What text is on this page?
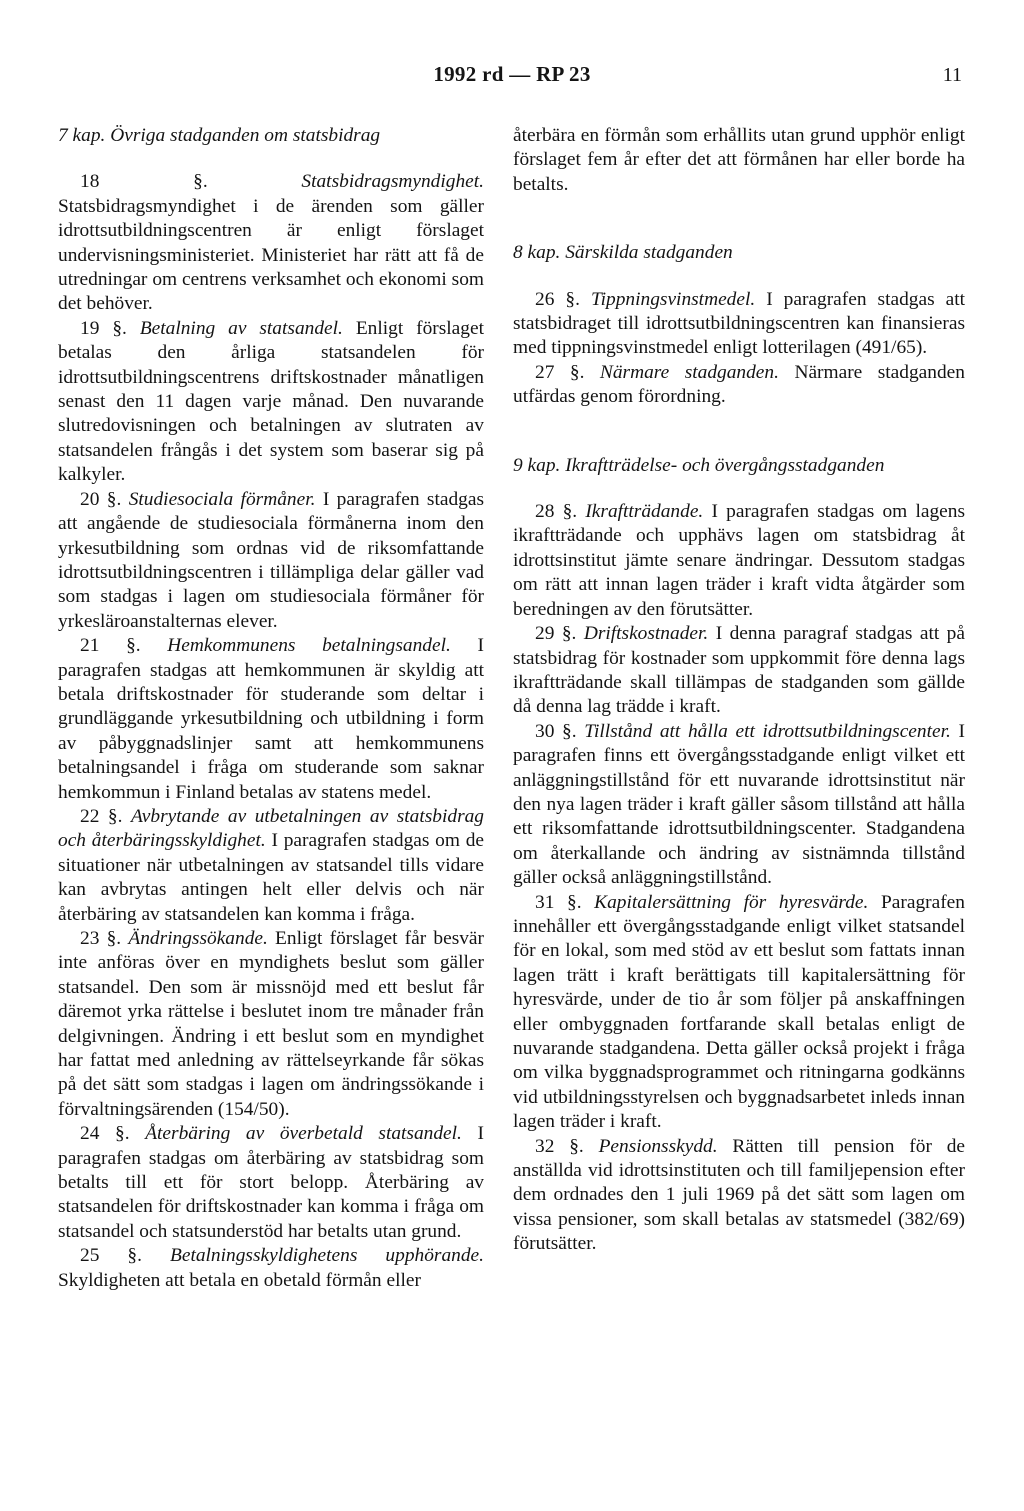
1992 rd — RP 23	11

7 kap. Övriga stadganden om statsbidrag

18 §.	Statsbidragsmyndighet. Statsbidragsmyndighet i de ärenden som gäller idrottsutbildningscentren är enligt förslaget undervisningsministeriet. Ministeriet har rätt att få de utredningar om centrens verksamhet och ekonomi som det behöver.

19 §. Betalning av statsandel. Enligt förslaget betalas den årliga statsandelen för idrottsutbildningscentrens driftskostnader månatligen senast den 11 dagen varje månad. Den nuvarande slutredovisningen och betalningen av slutraten av statsandelen frångås i det system som baserar sig på kalkyler.

20 §. Studiesociala förmåner. I paragrafen stadgas att angående de studiesociala förmånerna inom den yrkesutbildning som ordnas vid de riksomfattande idrottsutbildningscentren i tillämpliga delar gäller vad som stadgas i lagen om studiesociala förmåner för yrkesläroanstalternas elever.

21 §. Hemkommunens betalningsandel. I paragrafen stadgas att hemkommunen är skyldig att betala driftskostnader för studerande som deltar i grundläggande yrkesutbildning och utbildning i form av påbyggnadslinjer samt att hemkommunens betalningsandel i fråga om studerande som saknar hemkommun i Finland betalas av statens medel.

22 §. Avbrytande av utbetalningen av statsbidrag och återbäringsskyldighet. I paragrafen stadgas om de situationer när utbetalningen av statsandel tills vidare kan avbrytas antingen helt eller delvis och när återbäring av statsandelen kan komma i fråga.

23 §. Ändringssökande. Enligt förslaget får besvär inte anföras över en myndighets beslut som gäller statsandel. Den som är missnöjd med ett beslut får däremot yrka rättelse i beslutet inom tre månader från delgivningen. Ändring i ett beslut som en myndighet har fattat med anledning av rättelseyrkande får sökas på det sätt som stadgas i lagen om ändringssökande i förvaltningsärenden (154/50).

24 §. Återbäring av överbetald statsandel. I paragrafen stadgas om återbäring av statsbidrag som betalts till ett för stort belopp. Återbäring av statsandelen för driftskostnader kan komma i fråga om statsandel och statsunderstöd har betalts utan grund.

25 §. Betalningsskyldighetens upphörande. Skyldigheten att betala en obetald förmån eller

återbära en förmån som erhållits utan grund upphör enligt förslaget fem år efter det att förmånen har eller borde ha betalts.

8 kap. Särskilda stadganden

26 §. Tippningsvinstmedel. I paragrafen stadgas att statsbidraget till idrottsutbildningscentren kan finansieras med tippningsvinstmedel enligt lotterilagen (491/65).

27 §. Närmare stadganden. Närmare stadganden utfärdas genom förordning.

9 kap. Ikraftträdelse- och övergångsstadganden

28 §. Ikraftträdande. I paragrafen stadgas om lagens ikraftträdande och upphävs lagen om statsbidrag åt idrottsinstitut jämte senare ändringar. Dessutom stadgas om rätt att innan lagen träder i kraft vidta åtgärder som beredningen av den förutsätter.

29 §. Driftskostnader. I denna paragraf stadgas att på statsbidrag för kostnader som uppkommit före denna lags ikraftträdande skall tillämpas de stadganden som gällde då denna lag trädde i kraft.

30 §. Tillstånd att hålla ett idrottsutbildningscenter. I paragrafen finns ett övergångsstadgande enligt vilket ett anläggningstillstånd för ett nuvarande idrottsinstitut när den nya lagen träder i kraft gäller såsom tillstånd att hålla ett riksomfattande idrottsutbildningscenter. Stadgandena om återkallande och ändring av sistnämnda tillstånd gäller också anläggningstillstånd.

31 §. Kapitalersättning för hyresvärde. Paragrafen innehåller ett övergångsstadgande enligt vilket statsandel för en lokal, som med stöd av ett beslut som fattats innan lagen trätt i kraft berättigats till kapitalersättning för hyresvärde, under de tio år som följer på anskaffningen eller ombyggnaden fortfarande skall betalas enligt de nuvarande stadgandena. Detta gäller också projekt i fråga om vilka byggnadsprogrammet och ritningarna godkänns vid utbildningsstyrelsen och byggnadsarbetet inleds innan lagen träder i kraft.

32 §. Pensionsskydd. Rätten till pension för de anställda vid idrottsinstituten och till familjepension efter dem ordnades den 1 juli 1969 på det sätt som lagen om vissa pensioner, som skall betalas av statsmedel (382/69) förutsätter.
